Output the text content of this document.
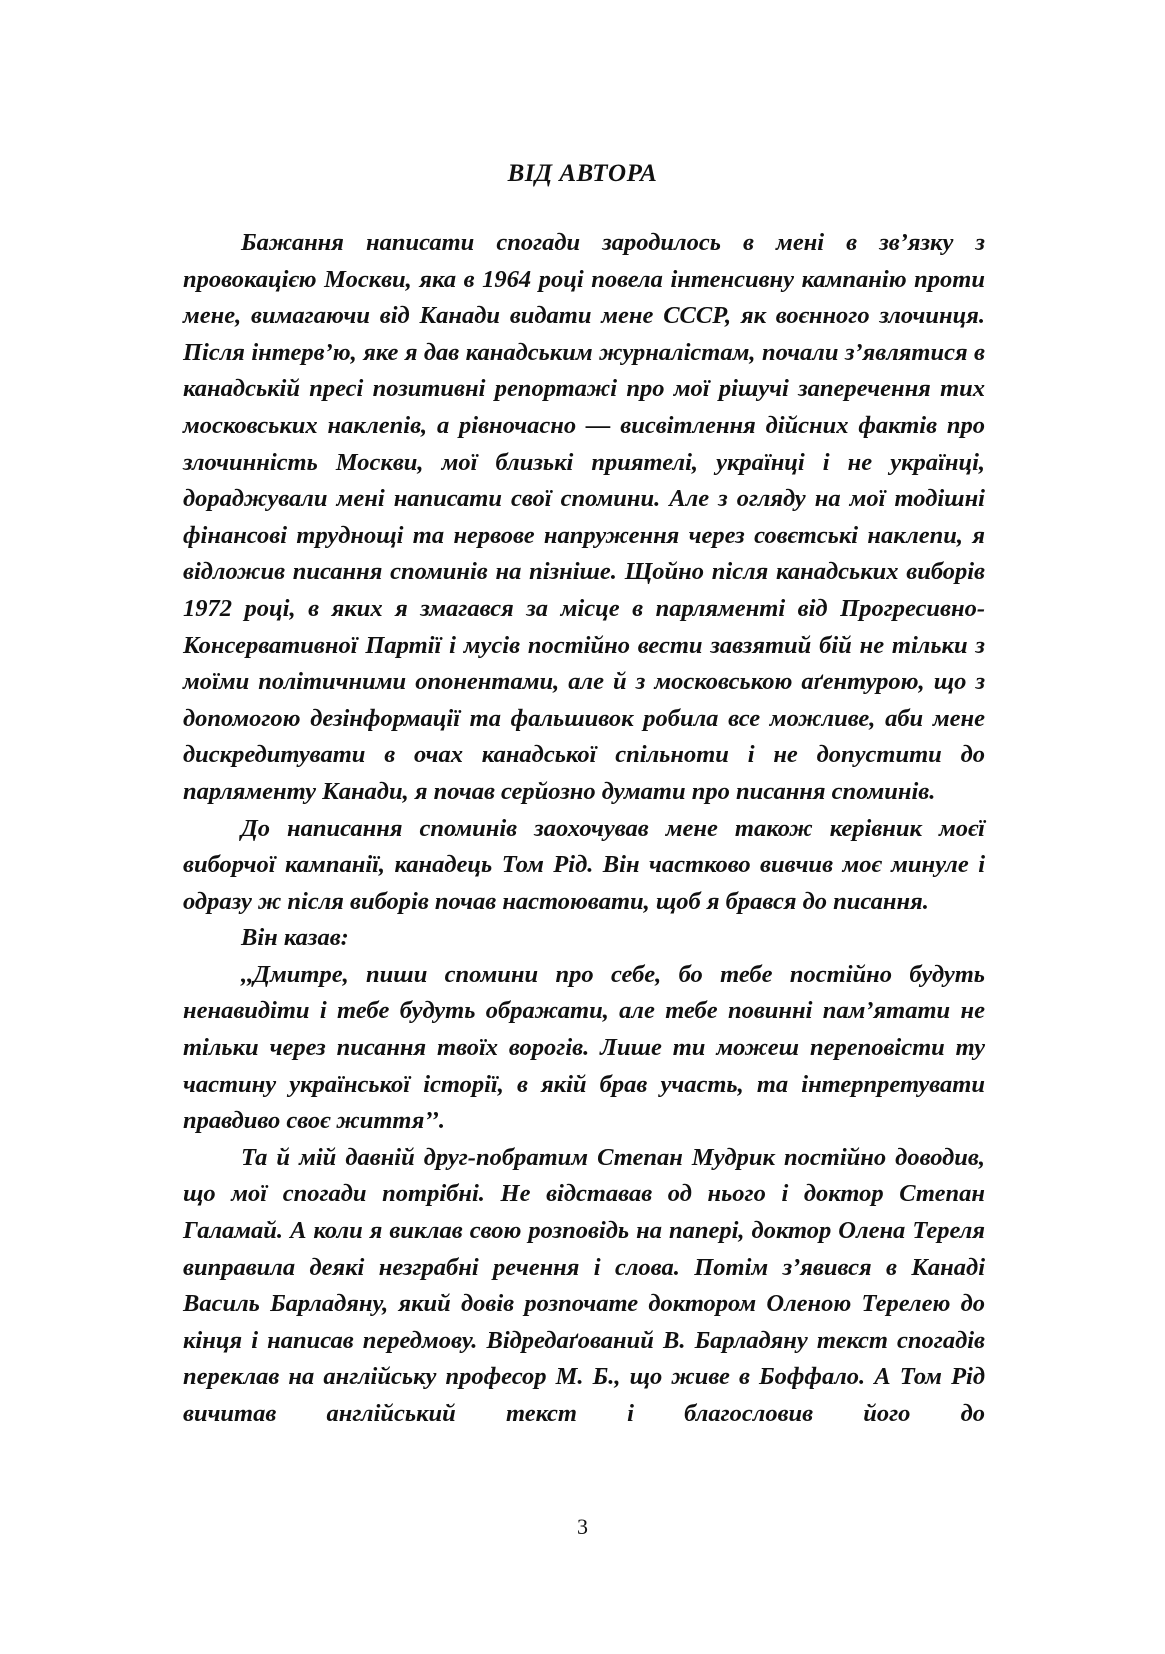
ВІД АВТОРА

Бажання написати спогади зародилось в мені в зв’язку з провокацією Москви, яка в 1964 році повела інтенсивну кампанію проти мене, вимагаючи від Канади видати мене СССР, як воєнного злочинця. Після інтерв’ю, яке я дав канадським журналістам, почали з’являтися в канадській пресі позитивні репортажі про мої рішучі заперечення тих московських наклепів, а рівночасно — висвітлення дійсних фактів про злочинність Москви, мої близькі приятелі, українці і не українці, дораджували мені написати свої спомини. Але з огляду на мої тодішні фінансові труднощі та нервове напруження через совєтські наклепи, я відложив писання споминів на пізніше. Щойно після канадських виборів 1972 році, в яких я змагався за місце в парляменті від Прогресивно-Консервативної Партії і мусів постійно вести завзятий бій не тільки з моїми політичними опонентами, але й з московською аґентурою, що з допомогою дезінформації та фальшивок робила все можливе, аби мене дискредитувати в очах канадської спільноти і не допустити до парляменту Канади, я почав серйозно думати про писання споминів.

До написання споминів заохочував мене також керівник моєї виборчої кампанії, канадець Том Рід. Він частково вивчив моє минуле і одразу ж після виборів почав настоювати, щоб я брався до писання.

Він казав:

,,Дмитре, пиши спомини про себе, бо тебе постійно будуть ненавидіти і тебе будуть ображати, але тебе повинні пам’ятати не тільки через писання твоїх ворогів. Лише ти можеш переповісти ту частину української історії, в якій брав участь, та інтерпретувати правдиво своє життя’’.

Та й мій давній друг-побратим Степан Мудрик постійно доводив, що мої спогади потрібні. Не відставав од нього і доктор Степан Галамай. А коли я виклав свою розповідь на папері, доктор Олена Тереля виправила деякі незграбні речення і слова. Потім з’явився в Канаді Василь Барладяну, який довів розпочате доктором Оленою Терелею до кінця і написав передмову. Відредаґований В. Барладяну текст спогадів переклав на англійську професор М. Б., що живе в Боффало. А Том Рід вичитав англійський текст і благословив його до

3
